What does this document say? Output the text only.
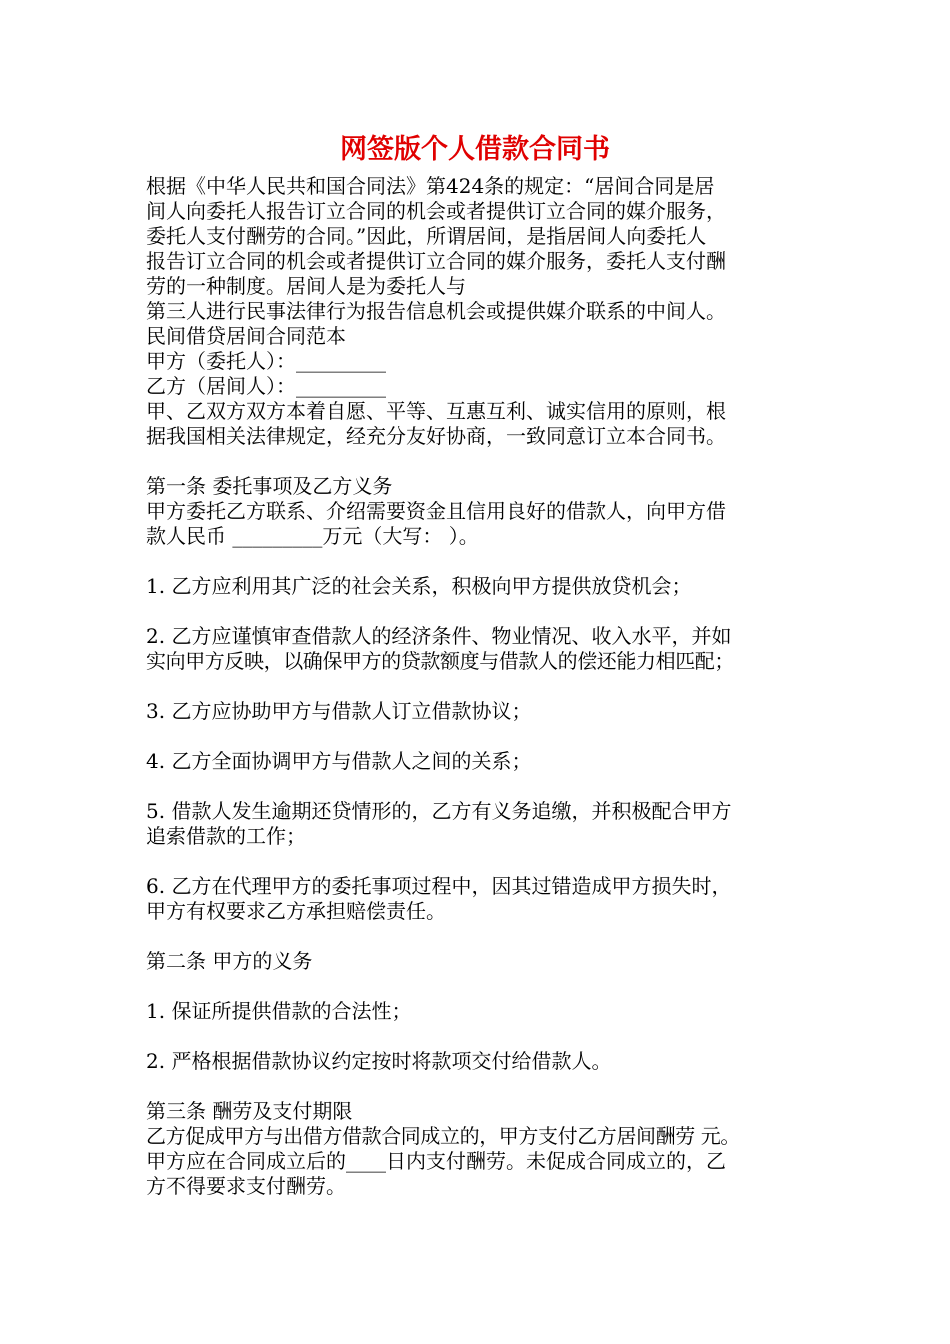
网签版个人借款合同书
根据《中华人民共和国合同法》第424条的规定：“居间合同是居
间人向委托人报告订立合同的机会或者提供订立合同的媒介服务，
委托人支付酬劳的合同。”因此，所谓居间，是指居间人向委托人
报告订立合同的机会或者提供订立合同的媒介服务，委托人支付酬
劳的一种制度。居间人是为委托人与
第三人进行民事法律行为报告信息机会或提供媒介联系的中间人。
民间借贷居间合同范本
甲方（委托人）：_________
乙方（居间人）：_________
甲、乙双方双方本着自愿、平等、互惠互利、诚实信用的原则，根
据我国相关法律规定，经充分友好协商，一致同意订立本合同书。
第一条 委托事项及乙方义务
甲方委托乙方联系、介绍需要资金且信用良好的借款人，向甲方借
款人民币 _________万元（大写： ）。
1. 乙方应利用其广泛的社会关系，积极向甲方提供放贷机会；
2. 乙方应谨慎审查借款人的经济条件、物业情况、收入水平，并如
实向甲方反映，以确保甲方的贷款额度与借款人的偿还能力相匹配；
3. 乙方应协助甲方与借款人订立借款协议；
4. 乙方全面协调甲方与借款人之间的关系；
5. 借款人发生逾期还贷情形的，乙方有义务追缴，并积极配合甲方
追索借款的工作；
6. 乙方在代理甲方的委托事项过程中，因其过错造成甲方损失时，
甲方有权要求乙方承担赔偿责任。
第二条 甲方的义务
1. 保证所提供借款的合法性；
2. 严格根据借款协议约定按时将款项交付给借款人。
第三条 酬劳及支付期限
乙方促成甲方与出借方借款合同成立的，甲方支付乙方居间酬劳 元。
甲方应在合同成立后的____日内支付酬劳。未促成合同成立的，乙
方不得要求支付酬劳。
